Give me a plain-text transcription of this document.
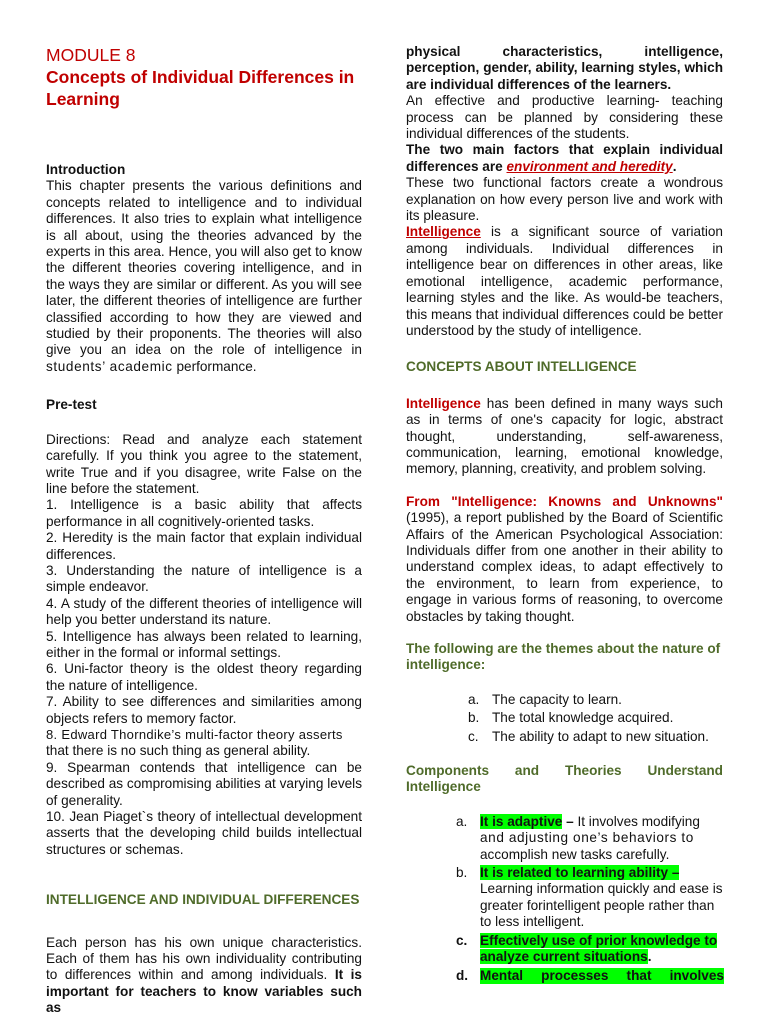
MODULE 8

Concepts of Individual Differences in Learning

Introduction

This chapter presents the various definitions and concepts related to intelligence and to individual differences. It also tries to explain what intelligence is all about, using the theories advanced by the experts in this area. Hence, you will also get to know the different theories covering intelligence, and in the ways they are similar or different. As you will see later, the different theories of intelligence are further classified according to how they are viewed and studied by their proponents. The theories will also give you an idea on the role of intelligence in students’ academic performance.

Pre-test

Directions: Read and analyze each statement carefully. If you think you agree to the statement, write True and if you disagree, write False on the line before the statement.

1. Intelligence is a basic ability that affects performance in all cognitively-oriented tasks.

2. Heredity is the main factor that explain individual differences.

3. Understanding the nature of intelligence is a simple endeavor.

4. A study of the different theories of intelligence will help you better understand its nature.

5. Intelligence has always been related to learning, either in the formal or informal settings.

6. Uni-factor theory is the oldest theory regarding the nature of intelligence.

7. Ability to see differences and similarities among objects refers to memory factor.

8. Edward Thorndike’s multi-factor theory asserts

that there is no such thing as general ability.

9. Spearman contends that intelligence can be described as compromising abilities at varying levels of generality.

10. Jean Piaget`s theory of intellectual development asserts that the developing child builds intellectual structures or schemas.

INTELLIGENCE AND INDIVIDUAL DIFFERENCES

Each person has his own unique characteristics. Each of them has his own individuality contributing to differences within and among individuals. It is important for teachers to know variables such as

physical characteristics, intelligence, perception, gender, ability, learning styles, which are individual differences of the learners.

An effective and productive learning- teaching process can be planned by considering these individual differences of the students.

The two main factors that explain individual differences are environment and heredity.

These two functional factors create a wondrous explanation on how every person live and work with its pleasure.

Intelligence is a significant source of variation among individuals. Individual differences in intelligence bear on differences in other areas, like emotional intelligence, academic performance, learning styles and the like. As would-be teachers, this means that individual differences could be better understood by the study of intelligence.

CONCEPTS ABOUT INTELLIGENCE

Intelligence has been defined in many ways such as in terms of one's capacity for logic, abstract thought, understanding, self-awareness, communication, learning, emotional knowledge, memory, planning, creativity, and problem solving.

From "Intelligence: Knowns and Unknowns" (1995), a report published by the Board of Scientific Affairs of the American Psychological Association: Individuals differ from one another in their ability to understand complex ideas, to adapt effectively to the environment, to learn from experience, to engage in various forms of reasoning, to overcome obstacles by taking thought.

The following are the themes about the nature of intelligence:

a. The capacity to learn.
b. The total knowledge acquired.
c. The ability to adapt to new situation.

Components and Theories Understand Intelligence

a. It is adaptive – It involves modifying
and adjusting one’s behaviors to
accomplish new tasks carefully.
b. It is related to learning ability –
Learning information quickly and ease is greater forintelligent people rather than to less intelligent.
c. Effectively use of prior knowledge to analyze current situations.
d. Mental processes that involves
